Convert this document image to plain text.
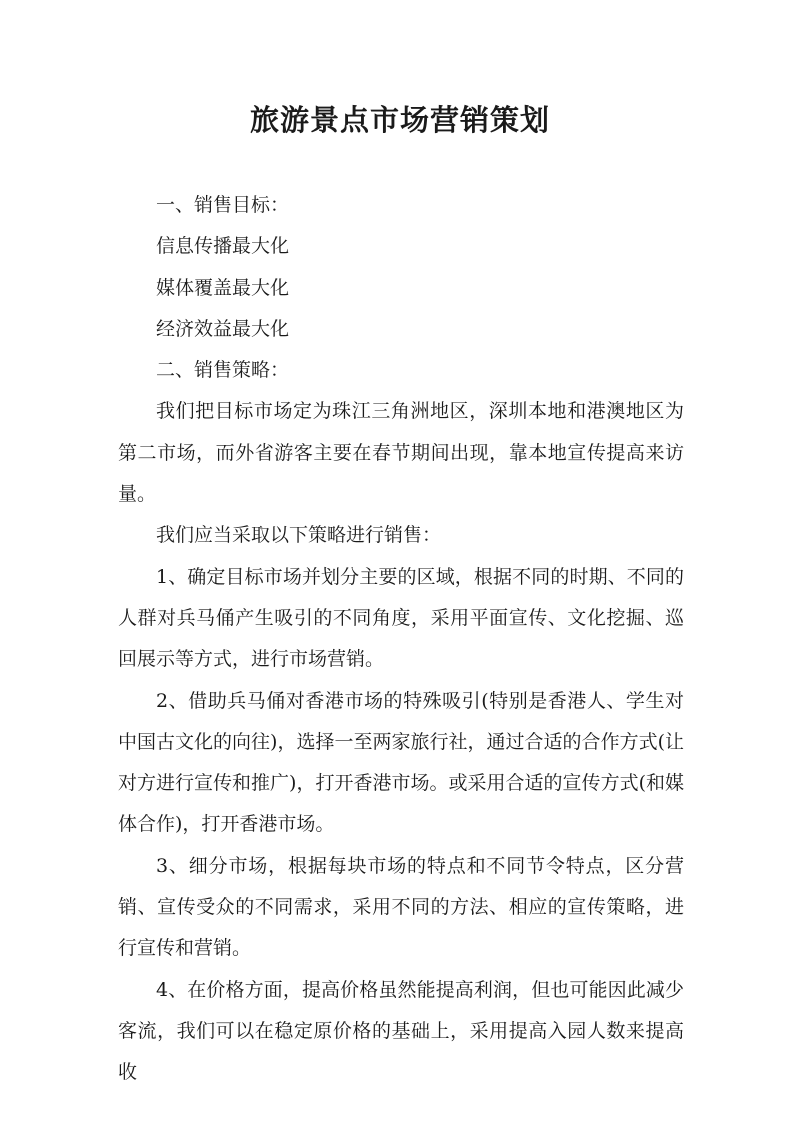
旅游景点市场营销策划

一、销售目标：

信息传播最大化

媒体覆盖最大化

经济效益最大化

二、销售策略：

我们把目标市场定为珠江三角洲地区，深圳本地和港澳地区为第二市场，而外省游客主要在春节期间出现，靠本地宣传提高来访量。

我们应当采取以下策略进行销售：

1、确定目标市场并划分主要的区域，根据不同的时期、不同的人群对兵马俑产生吸引的不同角度，采用平面宣传、文化挖掘、巡回展示等方式，进行市场营销。

2、借助兵马俑对香港市场的特殊吸引(特别是香港人、学生对中国古文化的向往)，选择一至两家旅行社，通过合适的合作方式(让对方进行宣传和推广)，打开香港市场。或采用合适的宣传方式(和媒体合作)，打开香港市场。

3、细分市场，根据每块市场的特点和不同节令特点，区分营销、宣传受众的不同需求，采用不同的方法、相应的宣传策略，进行宣传和营销。

4、在价格方面，提高价格虽然能提高利润，但也可能因此减少客流，我们可以在稳定原价格的基础上，采用提高入园人数来提高收
